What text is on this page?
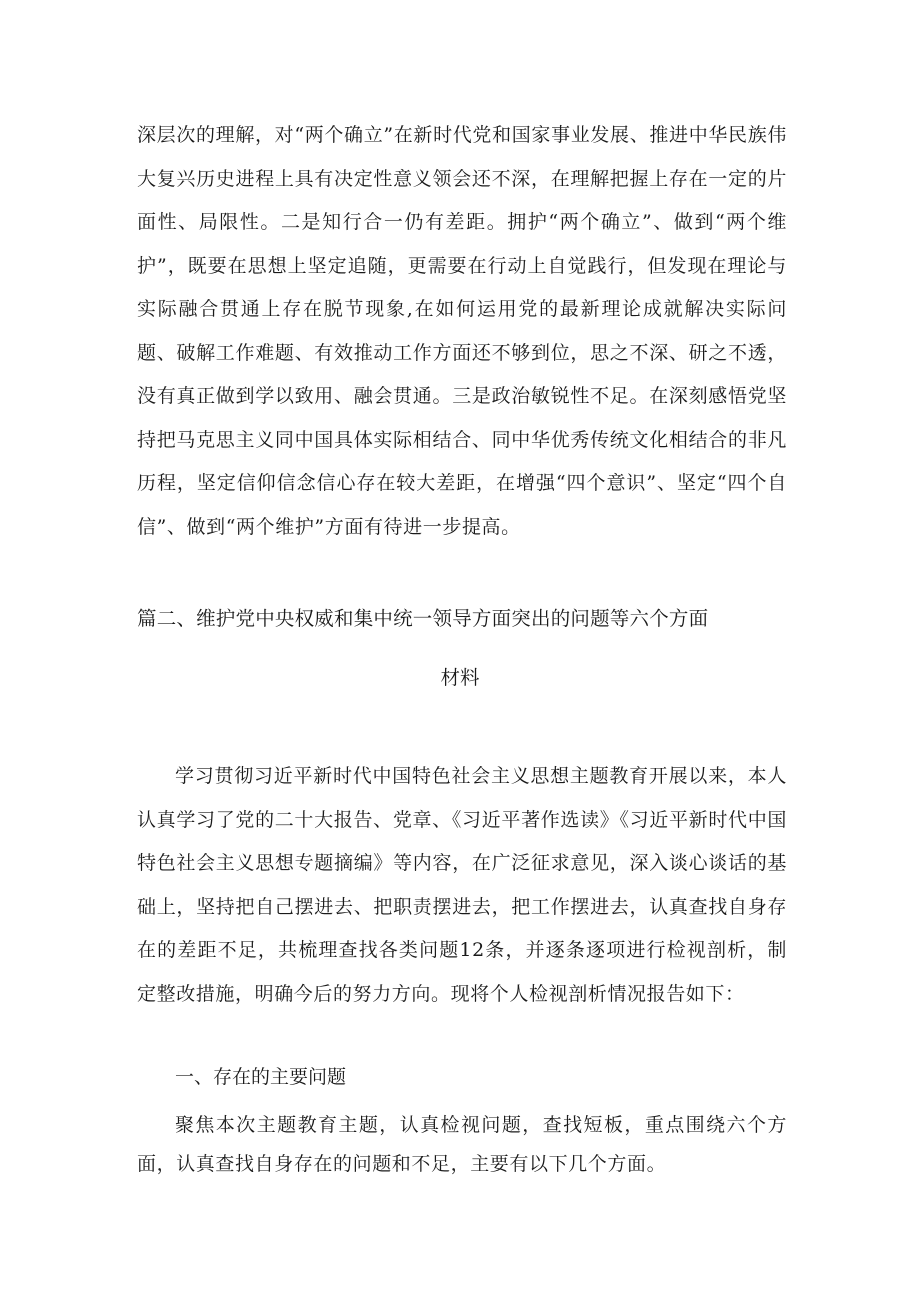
深层次的理解，对“两个确立”在新时代党和国家事业发展、推进中华民族伟大复兴历史进程上具有决定性意义领会还不深，在理解把握上存在一定的片面性、局限性。二是知行合一仍有差距。拥护“两个确立”、做到“两个维护”，既要在思想上坚定追随，更需要在行动上自觉践行，但发现在理论与实际融合贯通上存在脱节现象,在如何运用党的最新理论成就解决实际问题、破解工作难题、有效推动工作方面还不够到位，思之不深、研之不透，没有真正做到学以致用、融会贯通。三是政治敏锐性不足。在深刻感悟党坚持把马克思主义同中国具体实际相结合、同中华优秀传统文化相结合的非凡历程，坚定信仰信念信心存在较大差距，在增强“四个意识”、坚定“四个自信”、做到“两个维护”方面有待进一步提高。

篇二、维护党中央权威和集中统一领导方面突出的问题等六个方面
材料

学习贯彻习近平新时代中国特色社会主义思想主题教育开展以来，本人认真学习了党的二十大报告、党章、《习近平著作选读》《习近平新时代中国特色社会主义思想专题摘编》等内容，在广泛征求意见，深入谈心谈话的基础上，坚持把自己摆进去、把职责摆进去，把工作摆进去，认真查找自身存在的差距不足，共梳理查找各类问题12条，并逐条逐项进行检视剖析，制定整改措施，明确今后的努力方向。现将个人检视剖析情况报告如下：

一、存在的主要问题

聚焦本次主题教育主题，认真检视问题，查找短板，重点围绕六个方面，认真查找自身存在的问题和不足，主要有以下几个方面。
